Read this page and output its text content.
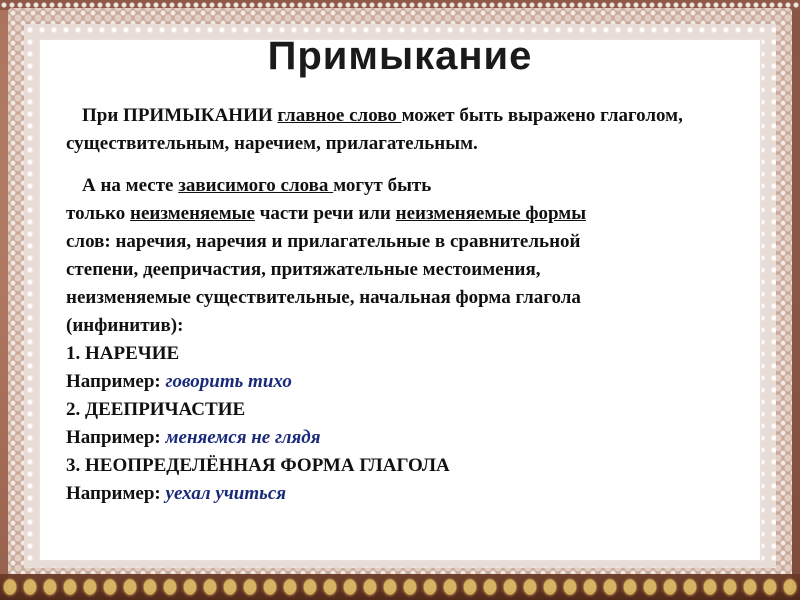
Примыкание

При ПРИМЫКАНИИ главное слово может быть выражено глаголом, существительным, наречием, прилагательным.

А на месте зависимого слова могут быть
только неизменяемые части речи или неизменяемые формы
слов: наречия, наречия и прилагательные в сравнительной
степени, деепричастия, притяжательные местоимения,
неизменяемые существительные, начальная форма глагола
(инфинитив):
1. НАРЕЧИЕ
Например: говорить тихо
2. ДЕЕПРИЧАСТИЕ
Например: меняемся не глядя
3. НЕОПРЕДЕЛЁННАЯ ФОРМА ГЛАГОЛА
Например: уехал учиться
